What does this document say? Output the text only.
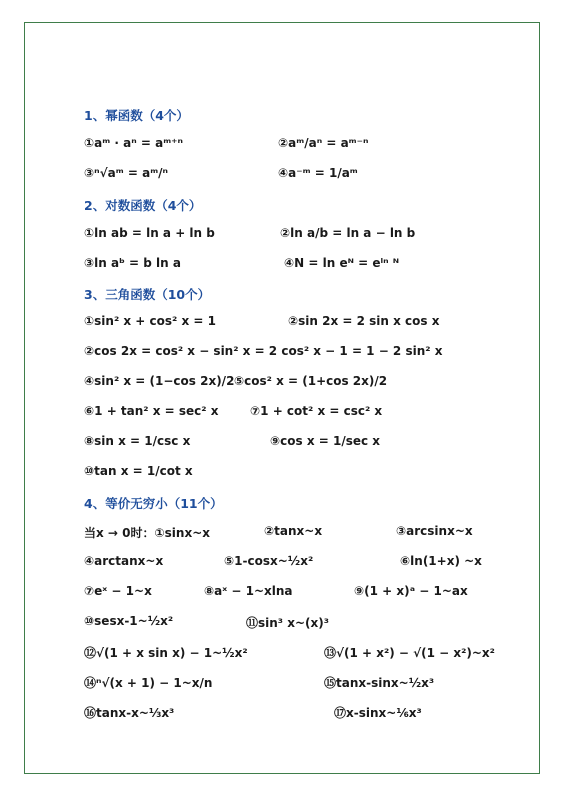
1、幂函数（4个）
①aᵐ · aⁿ = aᵐ⁺ⁿ	②aᵐ/aⁿ = aᵐ⁻ⁿ
③ⁿ√aᵐ = aᵐ/ⁿ	④a⁻ᵐ = 1/aᵐ
2、对数函数（4个）
①ln ab = ln a + ln b	②ln a/b = ln a − ln b
③ln aᵇ = b ln a	④N = ln eᴺ = eˡⁿ ᴺ
3、三角函数（10个）
①sin² x + cos² x = 1	②sin 2x = 2 sin x cos x
②cos 2x = cos² x − sin² x = 2 cos² x − 1 = 1 − 2 sin² x
④sin² x = (1−cos 2x)/2 ⑤cos² x = (1+cos 2x)/2
⑥1 + tan² x = sec² x	⑦1 + cot² x = csc² x
⑧sin x = 1/csc x	⑨cos x = 1/sec x
⑩tan x = 1/cot x
4、等价无穷小（11个）
当x → 0时：①sinx~x	②tanx~x	③arcsinx~x
④arctanx~x	⑤1-cosx~½x²	⑥ln(1+x) ~x
⑦eˣ − 1~x	⑧aˣ − 1~xlna	⑨(1 + x)ᵃ − 1~ax
⑩sesx-1~½x²	⑪sin³ x~(x)³
⑫√(1 + x sin x) − 1~½x²	⑬√(1 + x²) − √(1 − x²)~x²
⑭ⁿ√(x + 1) − 1~x/n	⑮tanx-sinx~½x³
⑯tanx-x~⅓x³	⑰x-sinx~⅙x³
